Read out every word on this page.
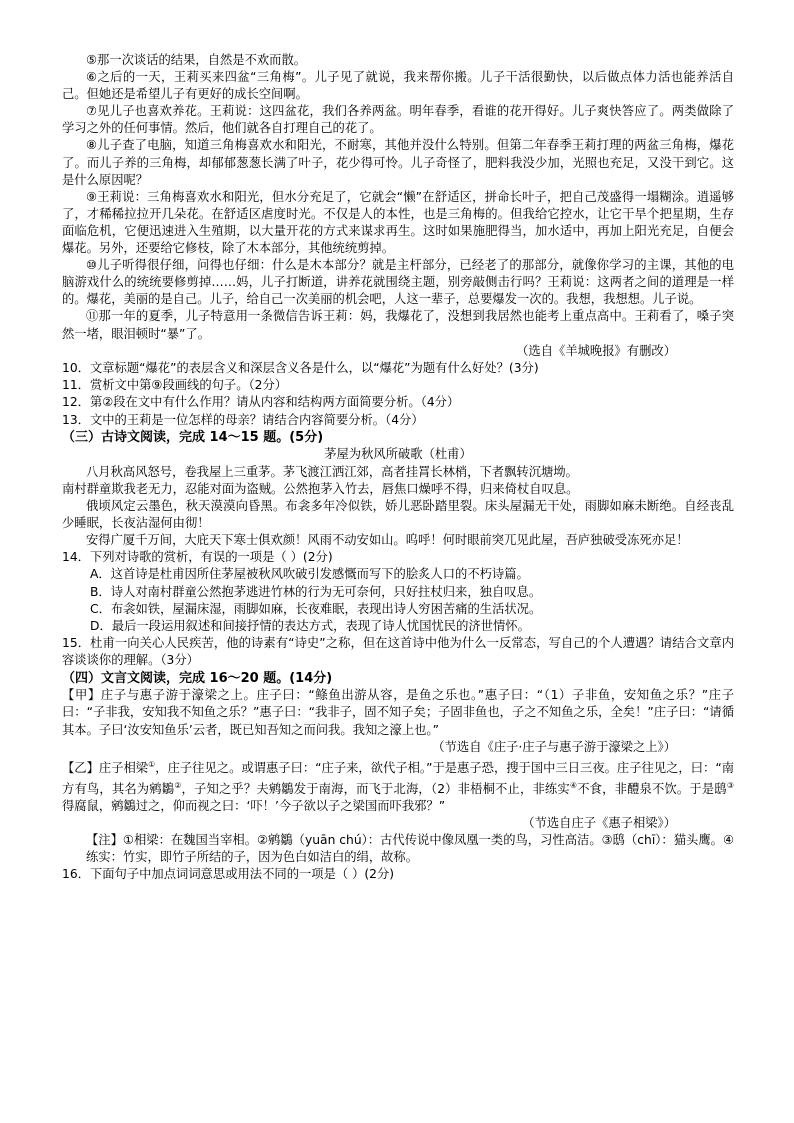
⑤那一次谈话的结果，自然是不欢而散。

⑥之后的一天，王莉买来四盆“三角梅”。儿子见了就说，我来帮你搬。儿子干活很勤快，以后做点体力活也能养活自己。但她还是希望儿子有更好的成长空间啊。

⑦见儿子也喜欢养花。王莉说：这四盆花，我们各养两盆。明年春季，看谁的花开得好。儿子爽快答应了。两类做除了学习之外的任何事情。然后，他们就各自打理自己的花了。

⑧儿子查了电脑，知道三角梅喜欢水和阳光，不耐寒，其他并没什么特别。但第二年春季王莉打理的两盆三角梅，爆花了。而儿子养的三角梅，却郁郁葱葱长满了叶子，花少得可怜。儿子奇怪了，肥料我没少加，光照也充足，又没干到它。这是什么原因呢？

⑨王莉说：三角梅喜欢水和阳光，但水分充足了，它就会“懒”在舒适区，拼命长叶子，把自己茂盛得一塌糊涂。逍遥够了，才稀稀拉拉开几朵花。在舒适区虐度时光。不仅是人的本性，也是三角梅的。但我给它控水，让它干旱个把星期，生存面临危机，它便迅速进入生殖期，以大量开花的方式来谋求再生。这时如果施肥得当，加水适中，再加上阳光充足，自便会爆花。另外，还要给它修枝，除了木本部分，其他统统剪掉。

⑩儿子听得很仔细，问得也仔细：什么是木本部分？就是主杆部分，已经老了的那部分，就像你学习的主课，其他的电脑游戏什么的统统要修剪掉……妈，儿子打断道，讲养花就围绕主题，别旁敲侧击行吗？王莉说：这两者之间的道理是一样的。爆花，美丽的是自己。儿子，给自己一次美丽的机会吧，人这一辈子，总要爆发一次的。我想，我想想。儿子说。

⑪那一年的夏季，儿子特意用一条微信告诉王莉：妈，我爆花了，没想到我居然也能考上重点高中。王莉看了，嗓子突然一堵，眼泪顿时“暴”了。

（选自《羊城晚报》有删改）

10．文章标题“爆花”的表层含义和深层含义各是什么，以“爆花”为题有什么好处？(3分)

11．赏析文中第⑨段画线的句子。（2分）

12．第②段在文中有什么作用？请从内容和结构两方面简要分析。（4分）

13．文中的王莉是一位怎样的母亲？请结合内容简要分析。（4分）

（三）古诗文阅读，完成 14～15 题。(5分)

茅屋为秋风所破歌（杜甫）

八月秋高风怒号，卷我屋上三重茅。茅飞渡江洒江郊，高者挂罥长林梢，下者飘转沉塘坳。

南村群童欺我老无力，忍能对面为盗贼。公然抱茅入竹去，唇焦口燥呼不得，归来倚杖自叹息。

俄顷风定云墨色，秋天漠漠向昏黑。布衾多年冷似铁，娇儿恶卧踏里裂。床头屋漏无干处，雨脚如麻未断绝。自经丧乱少睡眠，长夜沾湿何由彻！

安得广厦千万间，大庇天下寒士俱欢颜！风雨不动安如山。呜呼！何时眼前突兀见此屋，吾庐独破受冻死亦足！

14．下列对诗歌的赏析，有误的一项是（ ）(2分)

A．这首诗是杜甫因所住茅屋被秋风吹破引发感慨而写下的脍炙人口的不朽诗篇。

B．诗人对南村群童公然抱茅逃进竹林的行为无可奈何，只好拄杖归来，独自叹息。

C．布衾如铁，屋漏床湿，雨脚如麻，长夜难眠，表现出诗人穷困苦痛的生活状况。

D．最后一段运用叙述和间接抒情的表达方式，表现了诗人忧国忧民的济世情怀。

15．杜甫一向关心人民疾苦，他的诗素有“诗史”之称，但在这首诗中他为什么一反常态，写自己的个人遭遇？请结合文章内容谈谈你的理解。（3分）

（四）文言文阅读，完成 16～20 题。(14分)

【甲】庄子与惠子游于濠梁之上。庄子曰：“鲦鱼出游从容，是鱼之乐也。”惠子曰：“（1）子非鱼，安知鱼之乐？”庄子曰：“子非我，安知我不知鱼之乐？”惠子曰：“我非子，固不知子矣；子固非鱼也，子之不知鱼之乐，全矣！”庄子曰：“请循其本。子曰‘汝安知鱼乐’云者，既已知吾知之而问我。我知之濠上也。”

（节选自《庄子·庄子与惠子游于濠梁之上》）

【乙】庄子相梁①，庄子往见之。或谓惠子曰：“庄子来，欲代子相。”于是惠子恐，搜于国中三日三夜。庄子往见之，曰：“南方有鸟，其名为鹓鶵②，子知之乎？夫鹓鶵发于南海，而飞于北海，（2）非梧桐不止，非练实④不食，非醴泉不饮。于是鸱③得腐鼠，鹓鶵过之，仰而视之曰：‘吓！’今子欲以子之梁国而吓我邪？”

（节选自庄子《惠子相梁》）

【注】①相梁：在魏国当宰相。②鹓鶵（yuān chú）：古代传说中像凤凰一类的鸟，习性高洁。③鸱（chī）：猫头鹰。④练实：竹实，即竹子所结的子，因为色白如洁白的绢，故称。

16．下面句子中加点词词意思或用法不同的一项是（ ）(2分)
